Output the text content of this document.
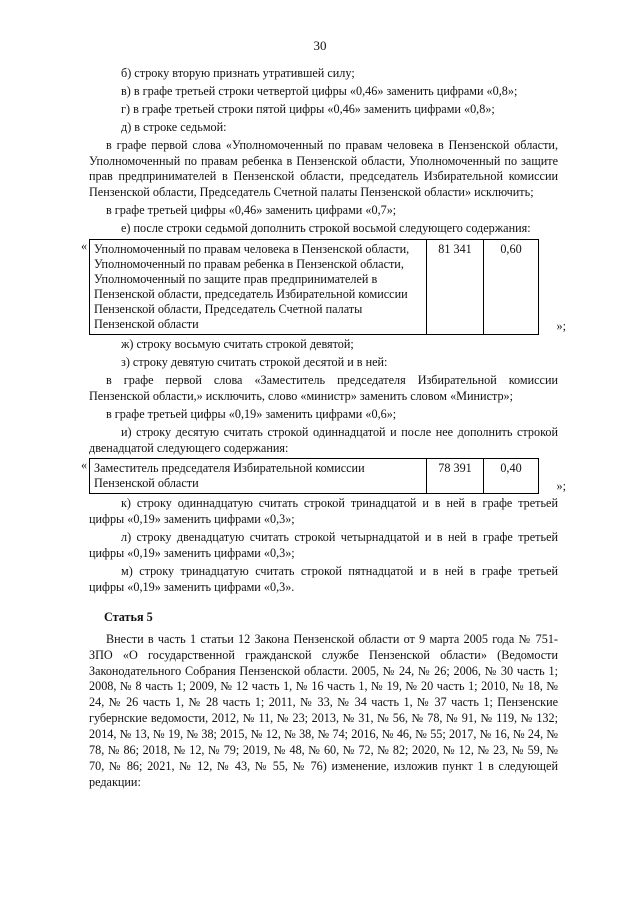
30

б) строку вторую признать утратившей силу;

в) в графе третьей строки четвертой цифры «0,46» заменить цифрами «0,8»;

г) в графе третьей строки пятой цифры «0,46» заменить цифрами «0,8»;

д) в строке седьмой:

в графе первой слова «Уполномоченный по правам человека в Пензенской области, Уполномоченный по правам ребенка в Пензенской области, Уполномоченный по защите прав предпринимателей в Пензенской области, председатель Избирательной комиссии Пензенской области, Председатель Счетной палаты Пензенской области» исключить;

в графе третьей цифры «0,46» заменить цифрами «0,7»;

е) после строки седьмой дополнить строкой восьмой следующего содержания:

« Уполномоченный по правам человека в Пензенской области, Уполномоченный по правам ребенка в Пензенской области, Уполномоченный по защите прав предпринимателей в Пензенской области, председатель Избирательной комиссии Пензенской области, Председатель Счетной палаты Пензенской области	81 341	0,60
»;

ж) строку восьмую считать строкой девятой;

з) строку девятую считать строкой десятой и в ней:

в графе первой слова «Заместитель председателя Избирательной комиссии Пензенской области,» исключить, слово «министр» заменить словом «Министр»;

в графе третьей цифры «0,19» заменить цифрами «0,6»;

и) строку десятую считать строкой одиннадцатой и после нее дополнить строкой двенадцатой следующего содержания:

« Заместитель председателя Избирательной комиссии Пензенской области	78 391	0,40
»;

к) строку одиннадцатую считать строкой тринадцатой и в ней в графе третьей цифры «0,19» заменить цифрами «0,3»;

л) строку двенадцатую считать строкой четырнадцатой и в ней в графе третьей цифры «0,19» заменить цифрами «0,3»;

м) строку тринадцатую считать строкой пятнадцатой и в ней в графе третьей цифры «0,19» заменить цифрами «0,3».

Статья 5

Внести в часть 1 статьи 12 Закона Пензенской области от 9 марта 2005 года № 751-ЗПО «О государственной гражданской службе Пензенской области» (Ведомости Законодательного Собрания Пензенской области. 2005, № 24, № 26; 2006, № 30 часть 1; 2008, № 8 часть 1; 2009, № 12 часть 1, № 16 часть 1, № 19, № 20 часть 1; 2010, № 18, № 24, № 26 часть 1, № 28 часть 1; 2011, № 33, № 34 часть 1, № 37 часть 1; Пензенские губернские ведомости, 2012, № 11, № 23; 2013, № 31, № 56, № 78, № 91, № 119, № 132; 2014, № 13, № 19, № 38; 2015, № 12, № 38, № 74; 2016, № 46, № 55; 2017, № 16, № 24, № 78, № 86; 2018, № 12, № 79; 2019, № 48, № 60, № 72, № 82; 2020, № 12, № 23, № 59, № 70, № 86; 2021, № 12, № 43, № 55, № 76) изменение, изложив пункт 1 в следующей редакции:
